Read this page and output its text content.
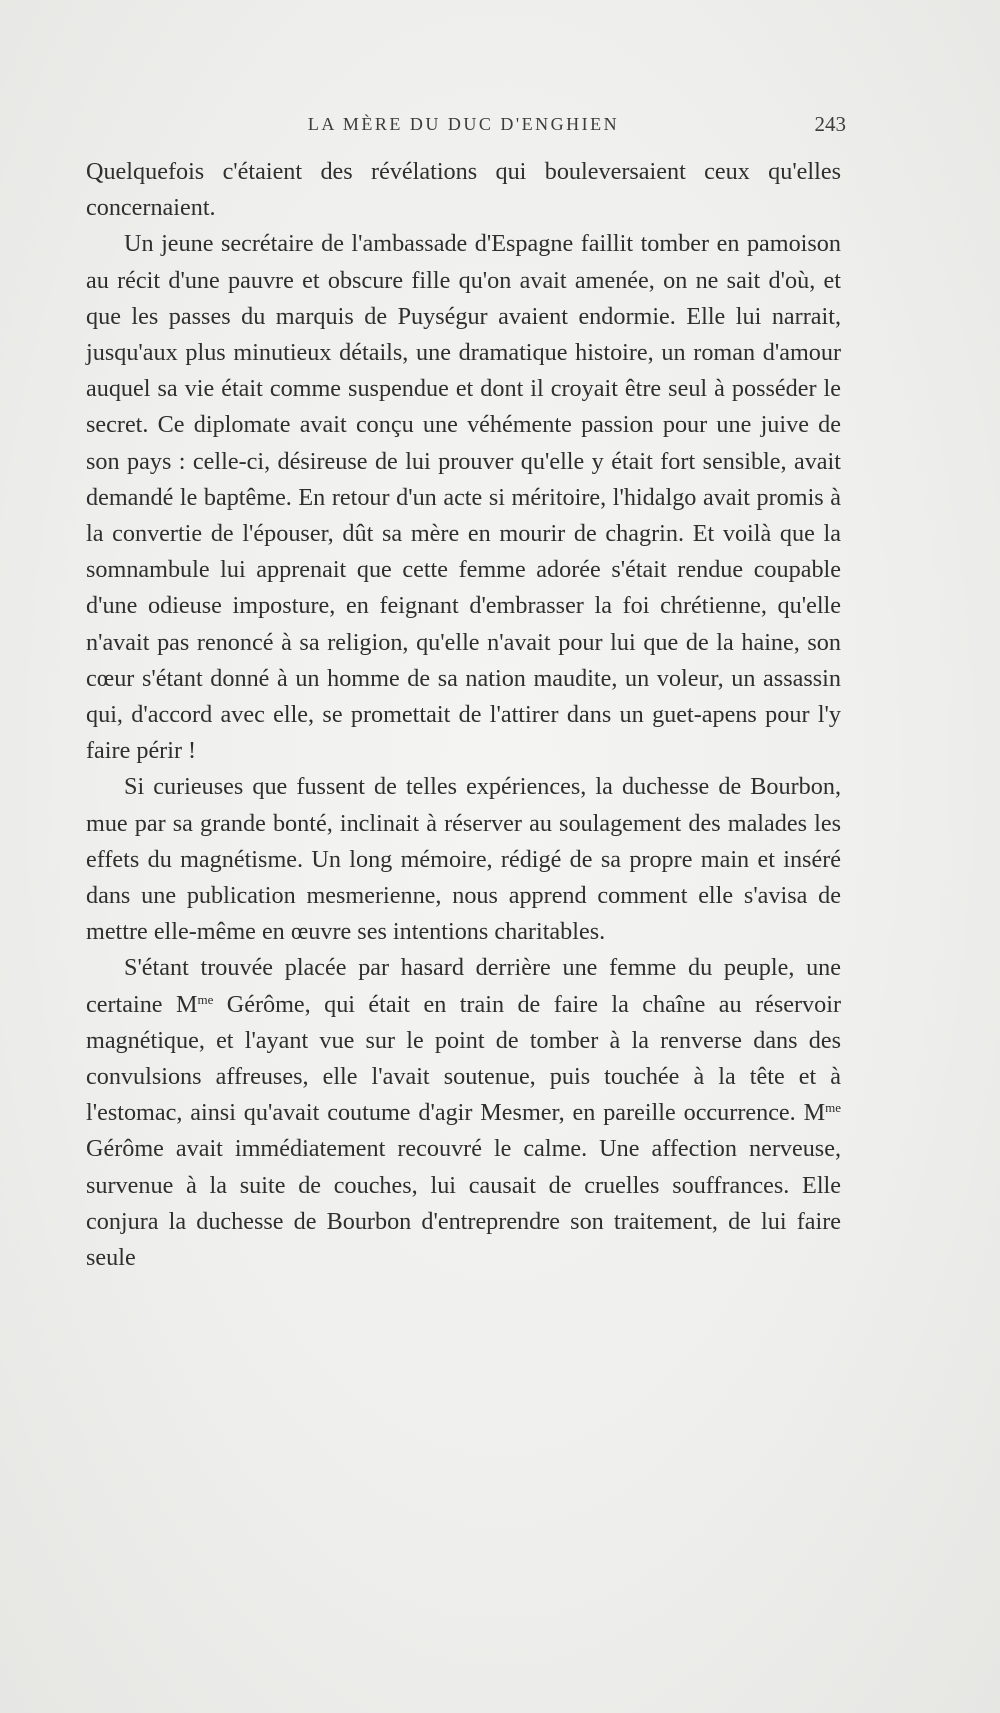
LA MÈRE DU DUC D'ENGHIEN	243

Quelquefois c'étaient des révélations qui bouleversaient ceux qu'elles concernaient.

Un jeune secrétaire de l'ambassade d'Espagne faillit tomber en pamoison au récit d'une pauvre et obscure fille qu'on avait amenée, on ne sait d'où, et que les passes du marquis de Puységur avaient endormie. Elle lui narrait, jusqu'aux plus minutieux détails, une dramatique histoire, un roman d'amour auquel sa vie était comme suspendue et dont il croyait être seul à posséder le secret. Ce diplomate avait conçu une véhémente passion pour une juive de son pays : celle-ci, désireuse de lui prouver qu'elle y était fort sensible, avait demandé le baptême. En retour d'un acte si méritoire, l'hidalgo avait promis à la convertie de l'épouser, dût sa mère en mourir de chagrin. Et voilà que la somnambule lui apprenait que cette femme adorée s'était rendue coupable d'une odieuse imposture, en feignant d'embrasser la foi chrétienne, qu'elle n'avait pas renoncé à sa religion, qu'elle n'avait pour lui que de la haine, son cœur s'étant donné à un homme de sa nation maudite, un voleur, un assassin qui, d'accord avec elle, se promettait de l'attirer dans un guet-apens pour l'y faire périr !

Si curieuses que fussent de telles expériences, la duchesse de Bourbon, mue par sa grande bonté, inclinait à réserver au soulagement des malades les effets du magnétisme. Un long mémoire, rédigé de sa propre main et inséré dans une publication mesmerienne, nous apprend comment elle s'avisa de mettre elle-même en œuvre ses intentions charitables.

S'étant trouvée placée par hasard derrière une femme du peuple, une certaine $M^{me}$ Gérôme, qui était en train de faire la chaîne au réservoir magnétique, et l'ayant vue sur le point de tomber à la renverse dans des convulsions affreuses, elle l'avait soutenue, puis touchée à la tête et à l'estomac, ainsi qu'avait coutume d'agir Mesmer, en pareille occurrence. $M^{me}$ Gérôme avait immédiatement recouvré le calme. Une affection nerveuse, survenue à la suite de couches, lui causait de cruelles souffrances. Elle conjura la duchesse de Bourbon d'entreprendre son traitement, de lui faire seule
